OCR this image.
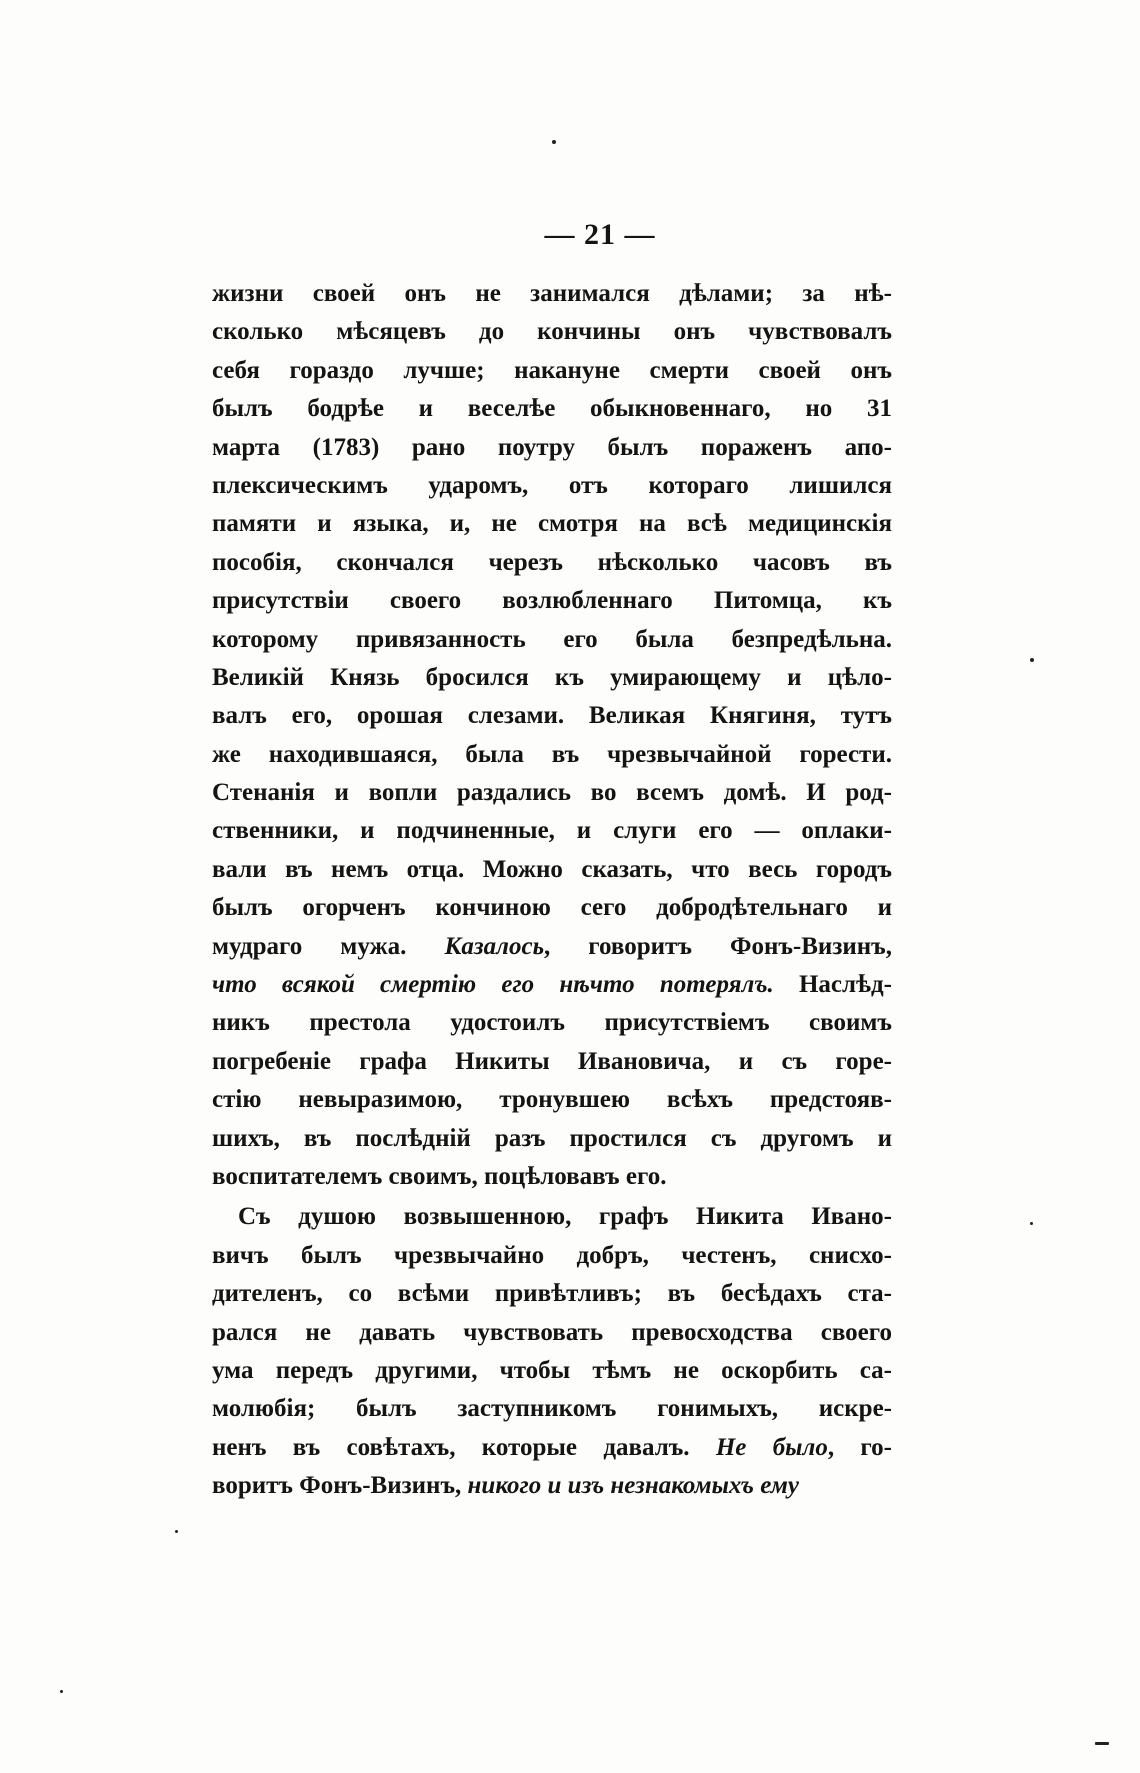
— 21 —
жизни своей онъ не занимался дѣлами; за нѣ-
сколько мѣсяцевъ до кончины онъ чувствовалъ
себя гораздо лучше; накануне смерти своей онъ
былъ бодрѣе и веселѣе обыкновеннаго, но 31
марта (1783) рано поутру былъ пораженъ апо-
плексическимъ ударомъ, отъ котораго лишился
памяти и языка, и, не смотря на всѣ медицинскія
пособія, скончался черезъ нѣсколько часовъ въ
присутствіи своего возлюбленнаго Питомца, къ
которому привязанность его была безпредѣльна.
Великій Князь бросился къ умирающему и цѣло-
валъ его, орошая слезами. Великая Княгиня, тутъ
же находившаяся, была въ чрезвычайной горести.
Стенанія и вопли раздались во всемъ домѣ. И род-
ственники, и подчиненные, и слуги его — оплаки-
вали въ немъ отца. Можно сказать, что весь городъ
былъ огорченъ кончиною сего добродѣтельнаго и
мудраго мужа. Казалось, говоритъ Фонъ-Визинъ,
что всякой смертію его нѣчто потерялъ. Наслѣд-
никъ престола удостоилъ присутствіемъ своимъ
погребеніе графа Никиты Ивановича, и съ горе-
стію невыразимою, тронувшею всѣхъ предстояв-
шихъ, въ послѣдній разъ простился съ другомъ и
воспитателемъ своимъ, поцѣловавъ его.
Съ душою возвышенною, графъ Никита Ивано-
вичъ былъ чрезвычайно добръ, честенъ, снисхо-
дителенъ, со всѣми привѣтливъ; въ бесѣдахъ ста-
рался не давать чувствовать превосходства своего
ума передъ другими, чтобы тѣмъ не оскорбить са-
молюбія; былъ заступникомъ гонимыхъ, искре-
ненъ въ совѣтахъ, которые давалъ. Не было, го-
воритъ Фонъ-Визинъ, никого и изъ незнакомыхъ ему
